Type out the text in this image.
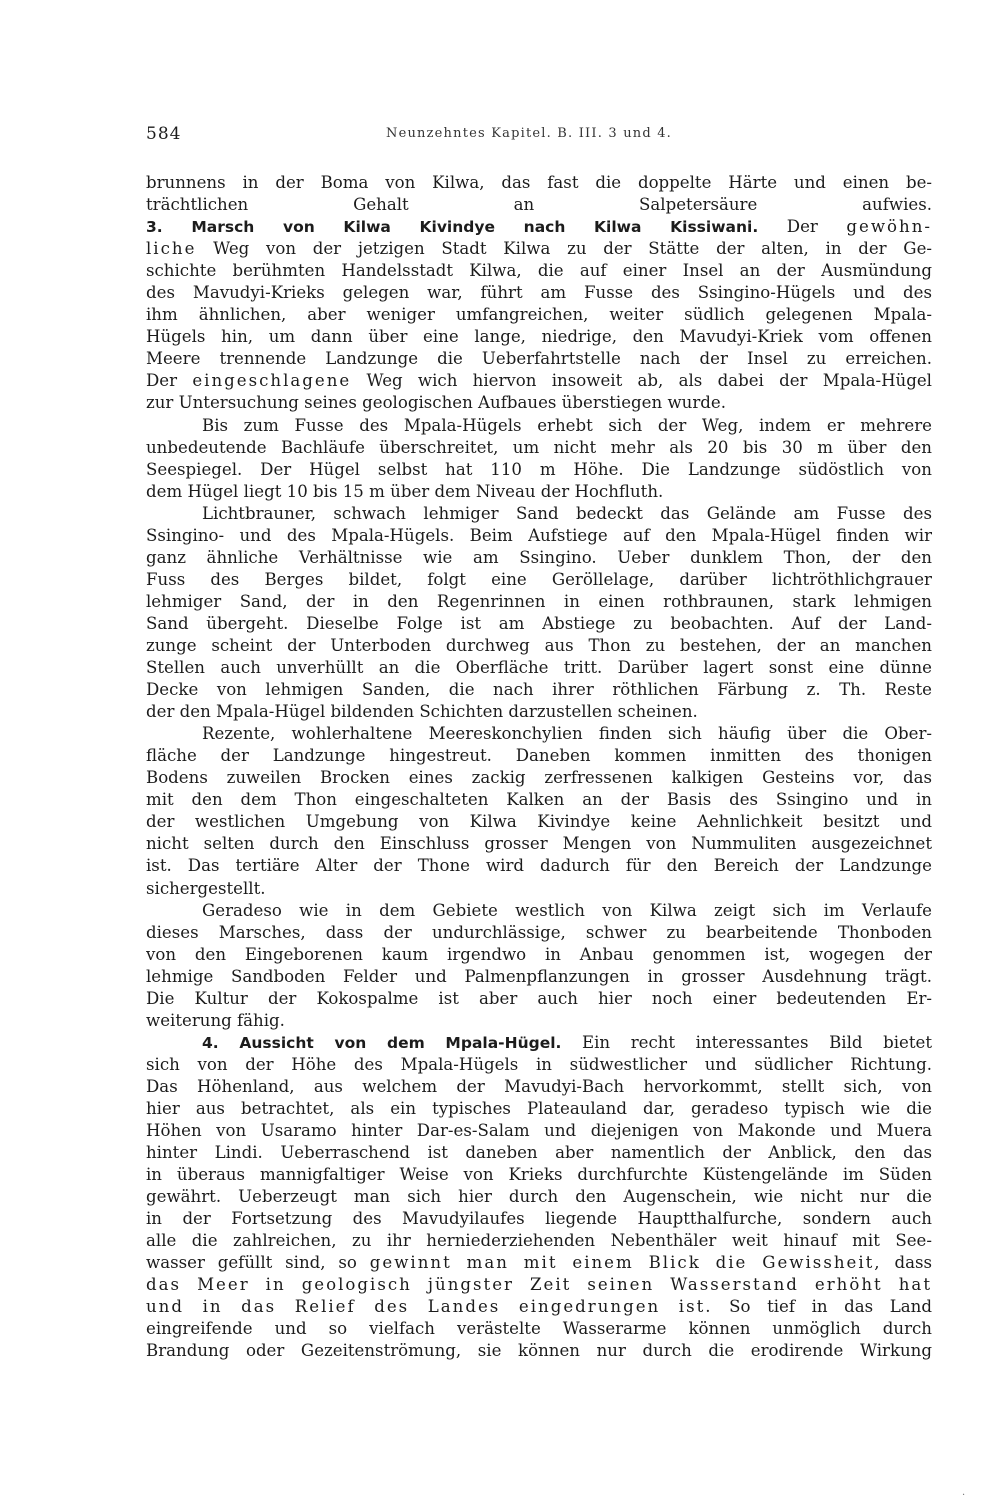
584	Neunzehntes Kapitel. B. III. 3 und 4.
brunnens in der Boma von Kilwa, das fast die doppelte Härte und einen be-
trächtlichen Gehalt an Salpetersäure aufwies.
3. Marsch von Kilwa Kivindye nach Kilwa Kissiwani. Der gewöhn-
liche Weg von der jetzigen Stadt Kilwa zu der Stätte der alten, in der Ge-
schichte berühmten Handelsstadt Kilwa, die auf einer Insel an der Ausmündung
des Mavudyi-Krieks gelegen war, führt am Fusse des Ssingino-Hügels und des
ihm ähnlichen, aber weniger umfangreichen, weiter südlich gelegenen Mpala-
Hügels hin, um dann über eine lange, niedrige, den Mavudyi-Kriek vom offenen
Meere trennende Landzunge die Ueberfahrtstelle nach der Insel zu erreichen.
Der eingeschlagene Weg wich hiervon insoweit ab, als dabei der Mpala-Hügel
zur Untersuchung seines geologischen Aufbaues überstiegen wurde.
Bis zum Fusse des Mpala-Hügels erhebt sich der Weg, indem er mehrere
unbedeutende Bachläufe überschreitet, um nicht mehr als 20 bis 30 m über den
Seespiegel. Der Hügel selbst hat 110 m Höhe. Die Landzunge südöstlich von
dem Hügel liegt 10 bis 15 m über dem Niveau der Hochfluth.
Lichtbrauner, schwach lehmiger Sand bedeckt das Gelände am Fusse des
Ssingino- und des Mpala-Hügels. Beim Aufstiege auf den Mpala-Hügel finden wir
ganz ähnliche Verhältnisse wie am Ssingino. Ueber dunklem Thon, der den
Fuss des Berges bildet, folgt eine Geröllelage, darüber lichtröthlichgrauer
lehmiger Sand, der in den Regenrinnen in einen rothbraunen, stark lehmigen
Sand übergeht. Dieselbe Folge ist am Abstiege zu beobachten. Auf der Land-
zunge scheint der Unterboden durchweg aus Thon zu bestehen, der an manchen
Stellen auch unverhüllt an die Oberfläche tritt. Darüber lagert sonst eine dünne
Decke von lehmigen Sanden, die nach ihrer röthlichen Färbung z. Th. Reste
der den Mpala-Hügel bildenden Schichten darzustellen scheinen.
Rezente, wohlerhaltene Meereskonchylien finden sich häufig über die Ober-
fläche der Landzunge hingestreut. Daneben kommen inmitten des thonigen
Bodens zuweilen Brocken eines zackig zerfressenen kalkigen Gesteins vor, das
mit den dem Thon eingeschalteten Kalken an der Basis des Ssingino und in
der westlichen Umgebung von Kilwa Kivindye keine Aehnlichkeit besitzt und
nicht selten durch den Einschluss grosser Mengen von Nummuliten ausgezeichnet
ist. Das tertiäre Alter der Thone wird dadurch für den Bereich der Landzunge
sichergestellt.
Geradeso wie in dem Gebiete westlich von Kilwa zeigt sich im Verlaufe
dieses Marsches, dass der undurchlässige, schwer zu bearbeitende Thonboden
von den Eingeborenen kaum irgendwo in Anbau genommen ist, wogegen der
lehmige Sandboden Felder und Palmenpflanzungen in grosser Ausdehnung trägt.
Die Kultur der Kokospalme ist aber auch hier noch einer bedeutenden Er-
weiterung fähig.
4. Aussicht von dem Mpala-Hügel. Ein recht interessantes Bild bietet
sich von der Höhe des Mpala-Hügels in südwestlicher und südlicher Richtung.
Das Höhenland, aus welchem der Mavudyi-Bach hervorkommt, stellt sich, von
hier aus betrachtet, als ein typisches Plateauland dar, geradeso typisch wie die
Höhen von Usaramo hinter Dar-es-Salam und diejenigen von Makonde und Muera
hinter Lindi. Ueberraschend ist daneben aber namentlich der Anblick, den das
in überaus mannigfaltiger Weise von Krieks durchfurchte Küstengelände im Süden
gewährt. Ueberzeugt man sich hier durch den Augenschein, wie nicht nur die
in der Fortsetzung des Mavudyilaufes liegende Hauptthalfurche, sondern auch
alle die zahlreichen, zu ihr herniederziehenden Nebenthäler weit hinauf mit See-
wasser gefüllt sind, so gewinnt man mit einem Blick die Gewissheit, dass
das Meer in geologisch jüngster Zeit seinen Wasserstand erhöht hat
und in das Relief des Landes eingedrungen ist. So tief in das Land
eingreifende und so vielfach verästelte Wasserarme können unmöglich durch
Brandung oder Gezeitenströmung, sie können nur durch die erodirende Wirkung
·
